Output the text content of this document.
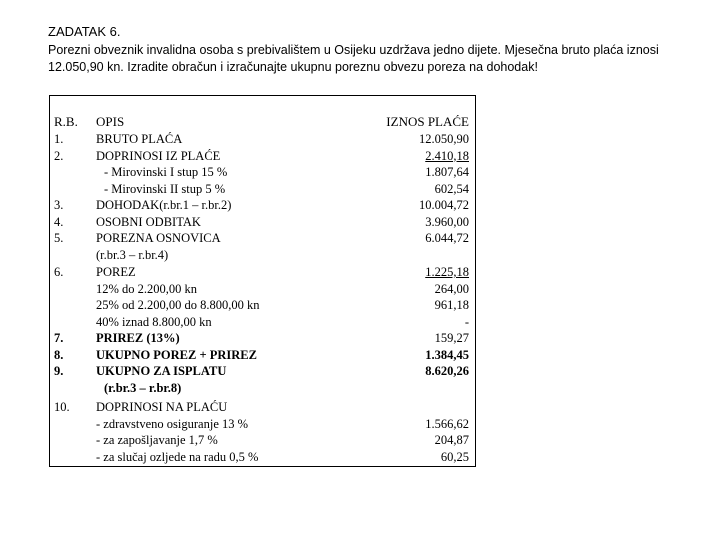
ZADATAK 6.
Porezni obveznik invalidna osoba s prebivalištem u Osijeku uzdržava jedno dijete. Mjesečna bruto plaća iznosi 12.050,90 kn. Izradite obračun i izračunajte ukupnu poreznu obvezu poreza na dohodak!
R.B. OPIS	IZNOS PLAĆE
1.	BRUTO PLAĆA	12.050,90
2.	DOPRINOSI IZ PLAĆE	2.410,18
- Mirovinski I stup 15 %	1.807,64
- Mirovinski II stup 5 %	602,54
3.	DOHODAK(r.br.1 – r.br.2)	10.004,72
4.	OSOBNI ODBITAK	3.960,00
5.	POREZNA OSNOVICA	6.044,72
(r.br.3 – r.br.4)
6.	POREZ	1.225,18
12% do 2.200,00 kn	264,00
25% od 2.200,00 do 8.800,00 kn	961,18
40% iznad 8.800,00 kn	-
7.	PRIREZ (13%)	159,27
8.	UKUPNO POREZ + PRIREZ	1.384,45
9.	UKUPNO ZA ISPLATU	8.620,26
(r.br.3 – r.br.8)
10. DOPRINOSI NA PLAĆU
- zdravstveno osiguranje 13 %	1.566,62
- za zapošljavanje 1,7 %	204,87
- za slučaj ozljede na radu 0,5 %	60,25
